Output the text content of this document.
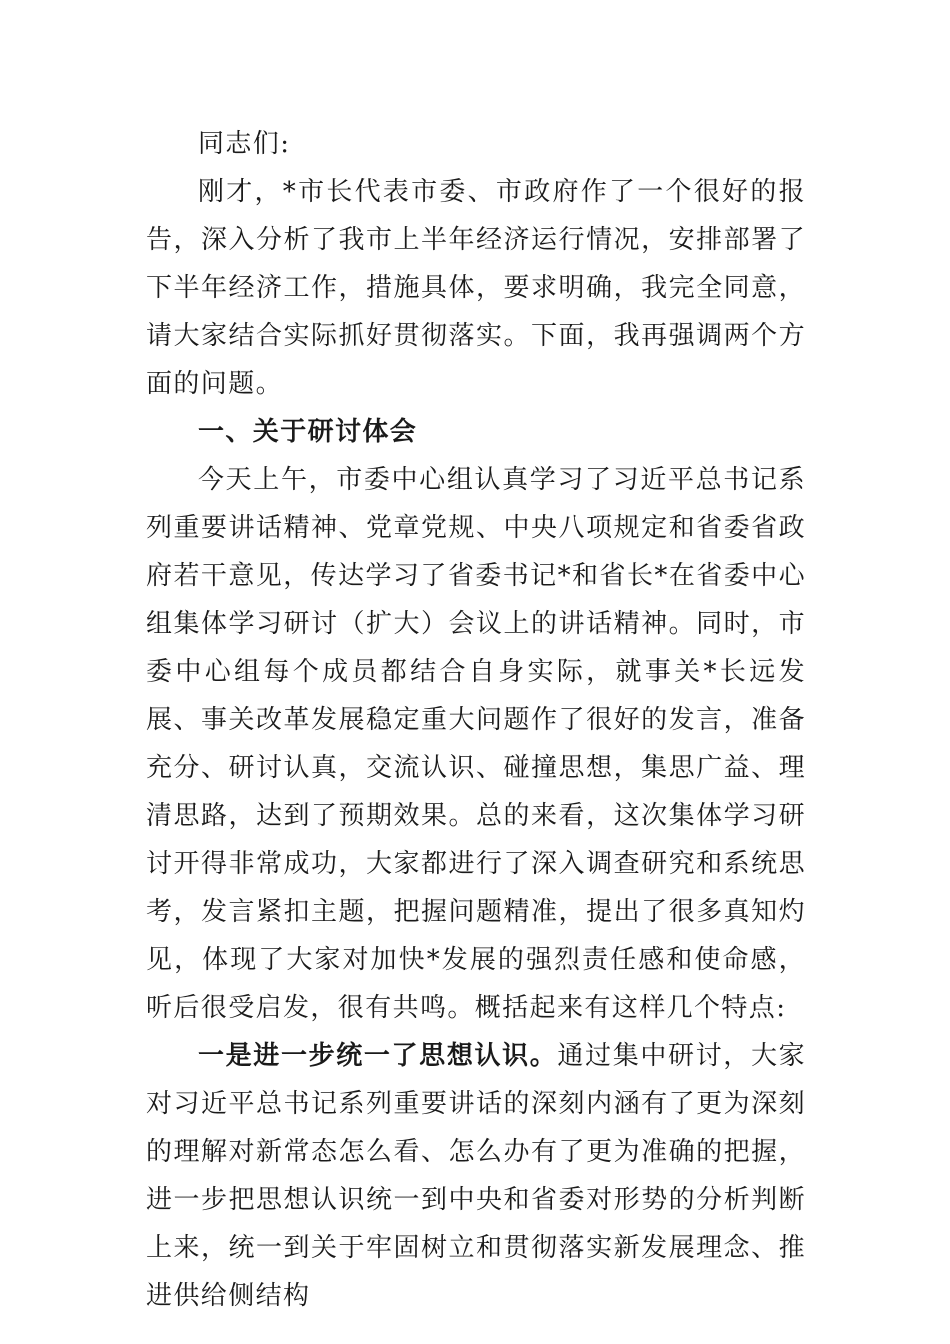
同志们:

刚才，*市长代表市委、市政府作了一个很好的报告，深入分析了我市上半年经济运行情况，安排部署了下半年经济工作，措施具体，要求明确，我完全同意，请大家结合实际抓好贯彻落实。下面，我再强调两个方面的问题。

一、关于研讨体会

今天上午，市委中心组认真学习了习近平总书记系列重要讲话精神、党章党规、中央八项规定和省委省政府若干意见，传达学习了省委书记*和省长*在省委中心组集体学习研讨（扩大）会议上的讲话精神。同时，市委中心组每个成员都结合自身实际，就事关*长远发展、事关改革发展稳定重大问题作了很好的发言，准备充分、研讨认真，交流认识、碰撞思想，集思广益、理清思路，达到了预期效果。总的来看，这次集体学习研讨开得非常成功，大家都进行了深入调查研究和系统思考，发言紧扣主题，把握问题精准，提出了很多真知灼见，体现了大家对加快*发展的强烈责任感和使命感，听后很受启发，很有共鸣。概括起来有这样几个特点:

一是进一步统一了思想认识。通过集中研讨，大家对习近平总书记系列重要讲话的深刻内涵有了更为深刻的理解对新常态怎么看、怎么办有了更为准确的把握，进一步把思想认识统一到中央和省委对形势的分析判断上来，统一到关于牢固树立和贯彻落实新发展理念、推进供给侧结构
